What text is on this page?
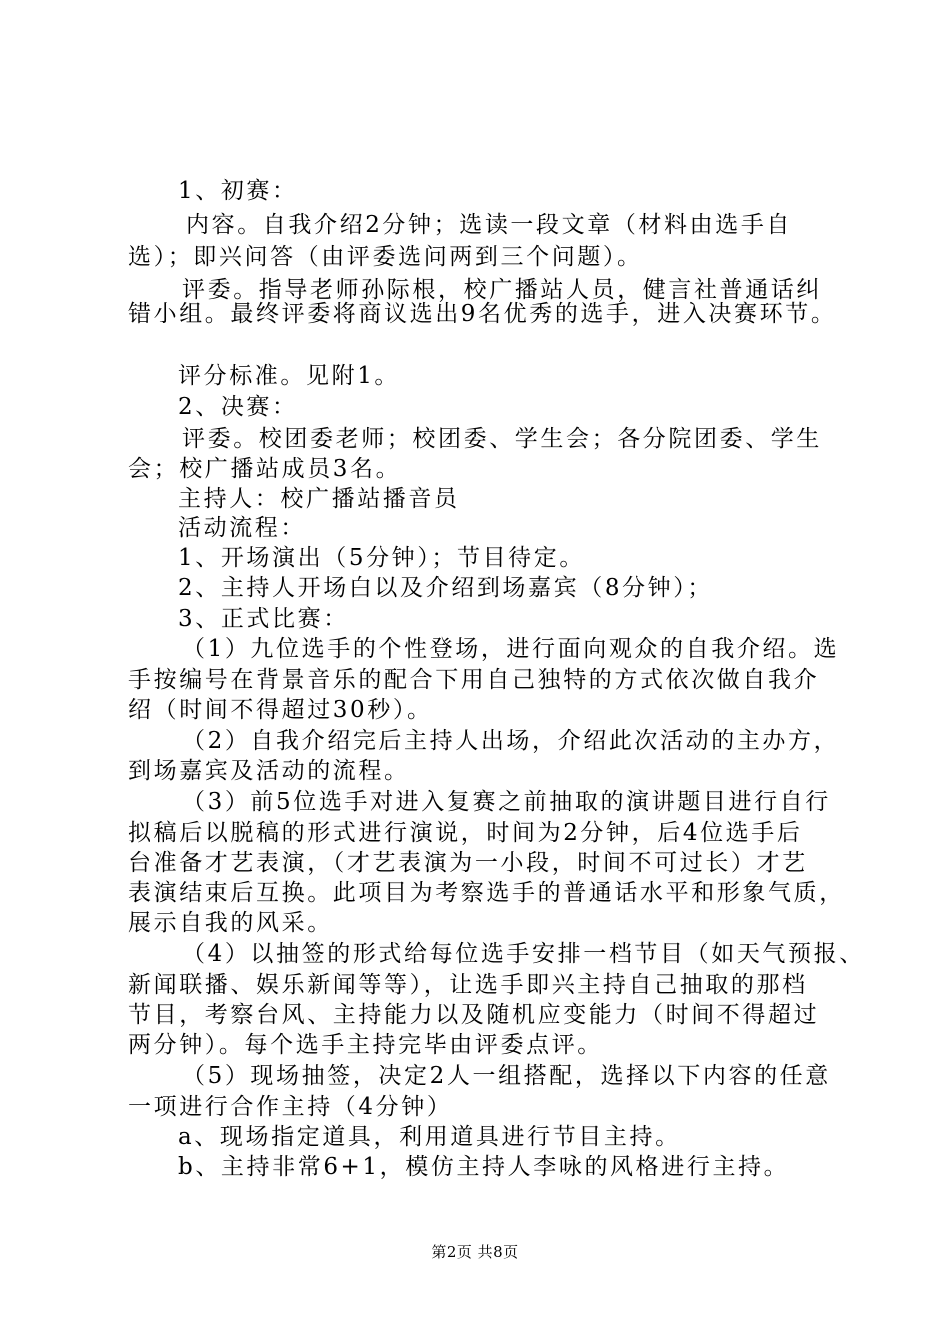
1、初赛：
内容。自我介绍2分钟；选读一段文章（材料由选手自
选）；即兴问答（由评委选问两到三个问题）。
评委。指导老师孙际根，校广播站人员，健言社普通话纠
错小组。最终评委将商议选出9名优秀的选手，进入决赛环节。
评分标准。见附1。
2、决赛：
评委。校团委老师；校团委、学生会；各分院团委、学生
会；校广播站成员3名。
主持人：校广播站播音员
活动流程：
1、开场演出（5分钟）；节目待定。
2、主持人开场白以及介绍到场嘉宾（8分钟）；
3、正式比赛：
（1）九位选手的个性登场，进行面向观众的自我介绍。选
手按编号在背景音乐的配合下用自己独特的方式依次做自我介
绍（时间不得超过30秒）。
（2）自我介绍完后主持人出场，介绍此次活动的主办方，
到场嘉宾及活动的流程。
（3）前5位选手对进入复赛之前抽取的演讲题目进行自行
拟稿后以脱稿的形式进行演说，时间为2分钟，后4位选手后
台准备才艺表演，（才艺表演为一小段，时间不可过长）才艺
表演结束后互换。此项目为考察选手的普通话水平和形象气质，
展示自我的风采。
（4）以抽签的形式给每位选手安排一档节目（如天气预报、
新闻联播、娱乐新闻等等），让选手即兴主持自己抽取的那档
节目，考察台风、主持能力以及随机应变能力（时间不得超过
两分钟）。每个选手主持完毕由评委点评。
（5）现场抽签，决定2人一组搭配，选择以下内容的任意
一项进行合作主持（4分钟）
a、现场指定道具，利用道具进行节目主持。
b、主持非常6+1，模仿主持人李咏的风格进行主持。
第2页 共8页
